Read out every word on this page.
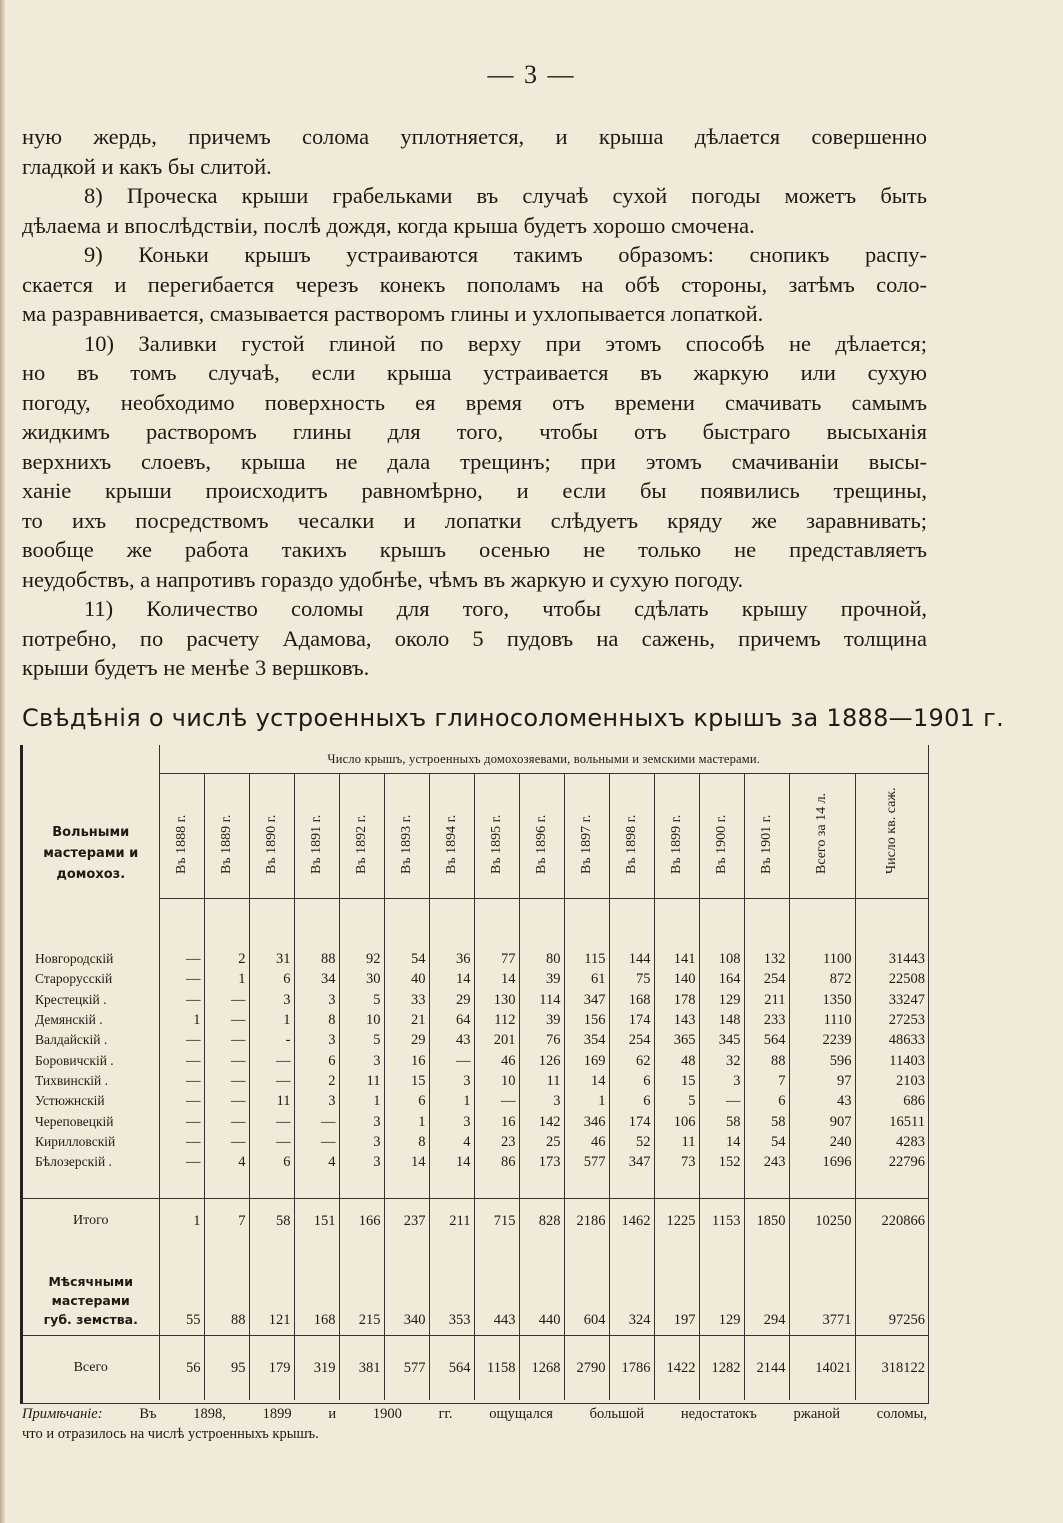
— 3 —
ную жердь, причемъ солома уплотняется, и крыша дѣлается совершенно
гладкой и какъ бы слитой.
8) Проческа крыши грабельками въ случаѣ сухой погоды можетъ быть
дѣлаема и впослѣдствіи, послѣ дождя, когда крыша будетъ хорошо смочена.
9) Коньки крышъ устраиваются такимъ образомъ: снопикъ распу-
скается и перегибается черезъ конекъ пополамъ на обѣ стороны, затѣмъ соло-
ма разравнивается, смазывается растворомъ глины и ухлопывается лопаткой.
10) Заливки густой глиной по верху при этомъ способѣ не дѣлается;
но въ томъ случаѣ, если крыша устраивается въ жаркую или сухую
погоду, необходимо поверхность ея время отъ времени смачивать самымъ
жидкимъ растворомъ глины для того, чтобы отъ быстраго высыханія
верхнихъ слоевъ, крыша не дала трещинъ; при этомъ смачиваніи высы-
ханіе крыши происходитъ равномѣрно, и если бы появились трещины,
то ихъ посредствомъ чесалки и лопатки слѣдуетъ кряду же заравнивать;
вообще же работа такихъ крышъ осенью не только не представляетъ
неудобствъ, а напротивъ гораздо удобнѣе, чѣмъ въ жаркую и сухую погоду.
11) Количество соломы для того, чтобы сдѣлать крышу прочной,
потребно, по расчету Адамова, около 5 пудовъ на сажень, причемъ толщина
крыши будетъ не менѣе 3 вершковъ.
Свѣдѣнія о числѣ устроенныхъ глиносоломенныхъ крышъ за 1888—1901 г.
Вольными
мастерами и
домохоз.	Число крышъ, устроенныхъ домохозяевами, вольными и земскими мастерами.															

	Въ 1888 г.	Въ 1889 г.	Въ 1890 г.	Въ 1891 г.	Въ 1892 г.	Въ 1893 г.	Въ 1894 г.	Въ 1895 г.	Въ 1896 г.	Въ 1897 г.	Въ 1898 г.	Въ 1899 г.	Въ 1900 г.	Въ 1901 г.	Всего за 14 л.	Число кв. саж.

Новгородскій	—	2	31	88	92	54	36	77	80	115	144	141	108	132	1100	31443
Старорусскій	—	1	6	34	30	40	14	14	39	61	75	140	164	254	872	22508
Крестецкій .	—	—	3	3	5	33	29	130	114	347	168	178	129	211	1350	33247
Демянскій .	1	—	1	8	10	21	64	112	39	156	174	143	148	233	1110	27253
Валдайскій .	—	—	-	3	5	29	43	201	76	354	254	365	345	564	2239	48633
Боровичскій .	—	—	—	6	3	16	—	46	126	169	62	48	32	88	596	11403
Тихвинскій .	—	—	—	2	11	15	3	10	11	14	6	15	3	7	97	2103
Устюжнскій	—	—	11	3	1	6	1	—	3	1	6	5	—	6	43	686
Череповецкій	—	—	—	—	3	1	3	16	142	346	174	106	58	58	907	16511
Кирилловскій	—	—	—	—	3	8	4	23	25	46	52	11	14	54	240	4283
Бѣлозерскій .	—	4	6	4	3	14	14	86	173	577	347	73	152	243	1696	22796

Итого	1	7	58	151	166	237	211	715	828	2186	1462	1225	1153	1850	10250	220866

Мѣсячными
мастерами
губ. земства.	55	88	121	168	215	340	353	443	440	604	324	197	129	294	3771	97256
Всего	56	95	179	319	381	577	564	1158	1268	2790	1786	1422	1282	2144	14021	318122
Примѣчаніе:	Въ 1898, 1899 и 1900 гг. ощущался большой недостатокъ ржаной соломы,
что и отразилось на числѣ устроенныхъ крышъ.
